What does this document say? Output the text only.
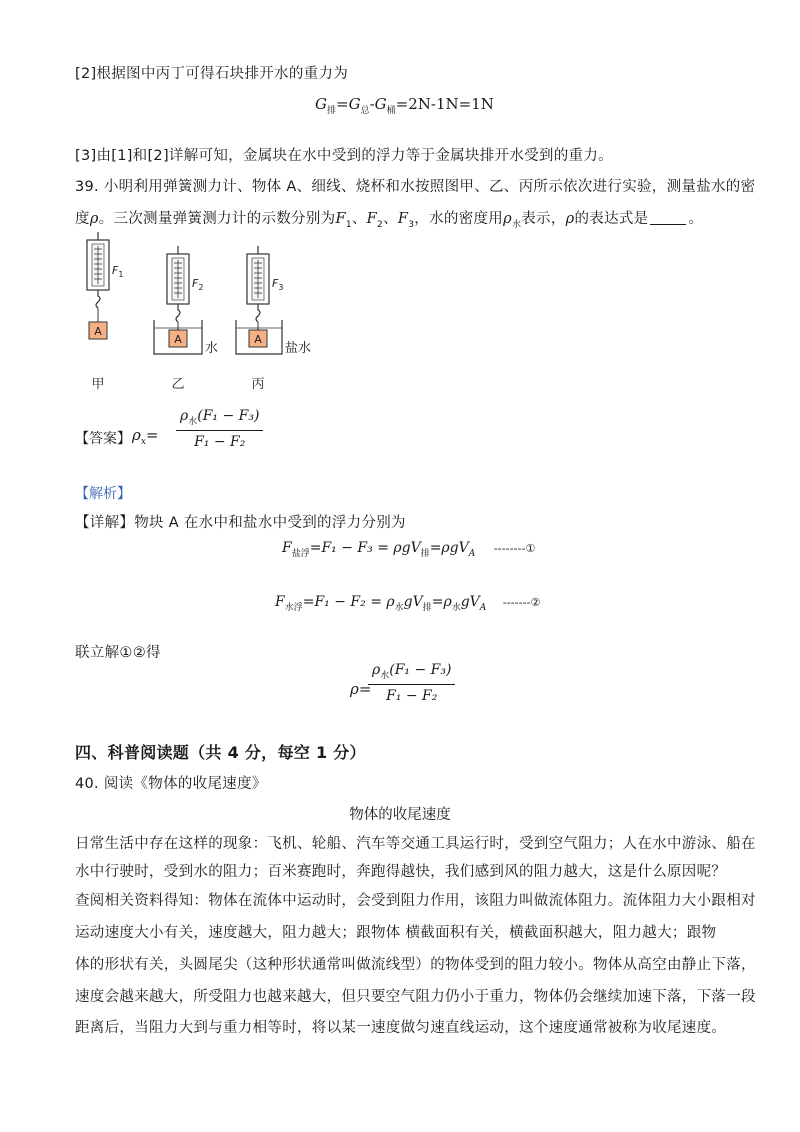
[2]根据图中丙丁可得石块排开水的重力为
$G_排=G_总-G_桶=2N-1N=1N$
[3]由[1]和[2]详解可知，金属块在水中受到的浮力等于金属块排开水受到的重力。
39. 小明利用弹簧测力计、物体 A、细线、烧杯和水按照图甲、乙、丙所示依次进行实验，测量盐水的密
度ρ。三次测量弹簧测力计的示数分别为$F_1$、$F_2$、$F_3$，水的密度用$\rho_水$表示，ρ的表达式是	。
A
$F_1$
A
水
$F_2$
A
盐水
$F_3$
甲	乙	丙
【答案】 $\rho_x=$
$\rho_水(F_1 - F_3)$
F₁ − F₂
【解析】
【详解】物块 A 在水中和盐水中受到的浮力分别为
$F_{盐浮}=F_1 - F_3 = \rho gV_排=\rho gV_A$ --------①
$F_{水浮}=F_1 - F_2 = \rho_水gV_排=\rho_水gV_A$ -------②
联立解①②得
ρ=
$\rho_水(F_1 - F_3)$
F₁ − F₂
四、科普阅读题（共 4 分，每空 1 分）
40. 阅读《物体的收尾速度》
物体的收尾速度
日常生活中存在这样的现象：飞机、轮船、汽车等交通工具运行时，受到空气阻力；人在水中游泳、船在
水中行驶时，受到水的阻力；百米赛跑时，奔跑得越快，我们感到风的阻力越大，这是什么原因呢？
查阅相关资料得知：物体在流体中运动时，会受到阻力作用，该阻力叫做流体阻力。流体阻力大小跟相对
运动速度大小有关，速度越大，阻力越大；跟物体 横截面积有关，横截面积越大，阻力越大；跟物
体的形状有关，头圆尾尖（这种形状通常叫做流线型）的物体受到的阻力较小。物体从高空由静止下落，
速度会越来越大，所受阻力也越来越大，但只要空气阻力仍小于重力，物体仍会继续加速下落，下落一段
距离后，当阻力大到与重力相等时，将以某一速度做匀速直线运动，这个速度通常被称为收尾速度。
